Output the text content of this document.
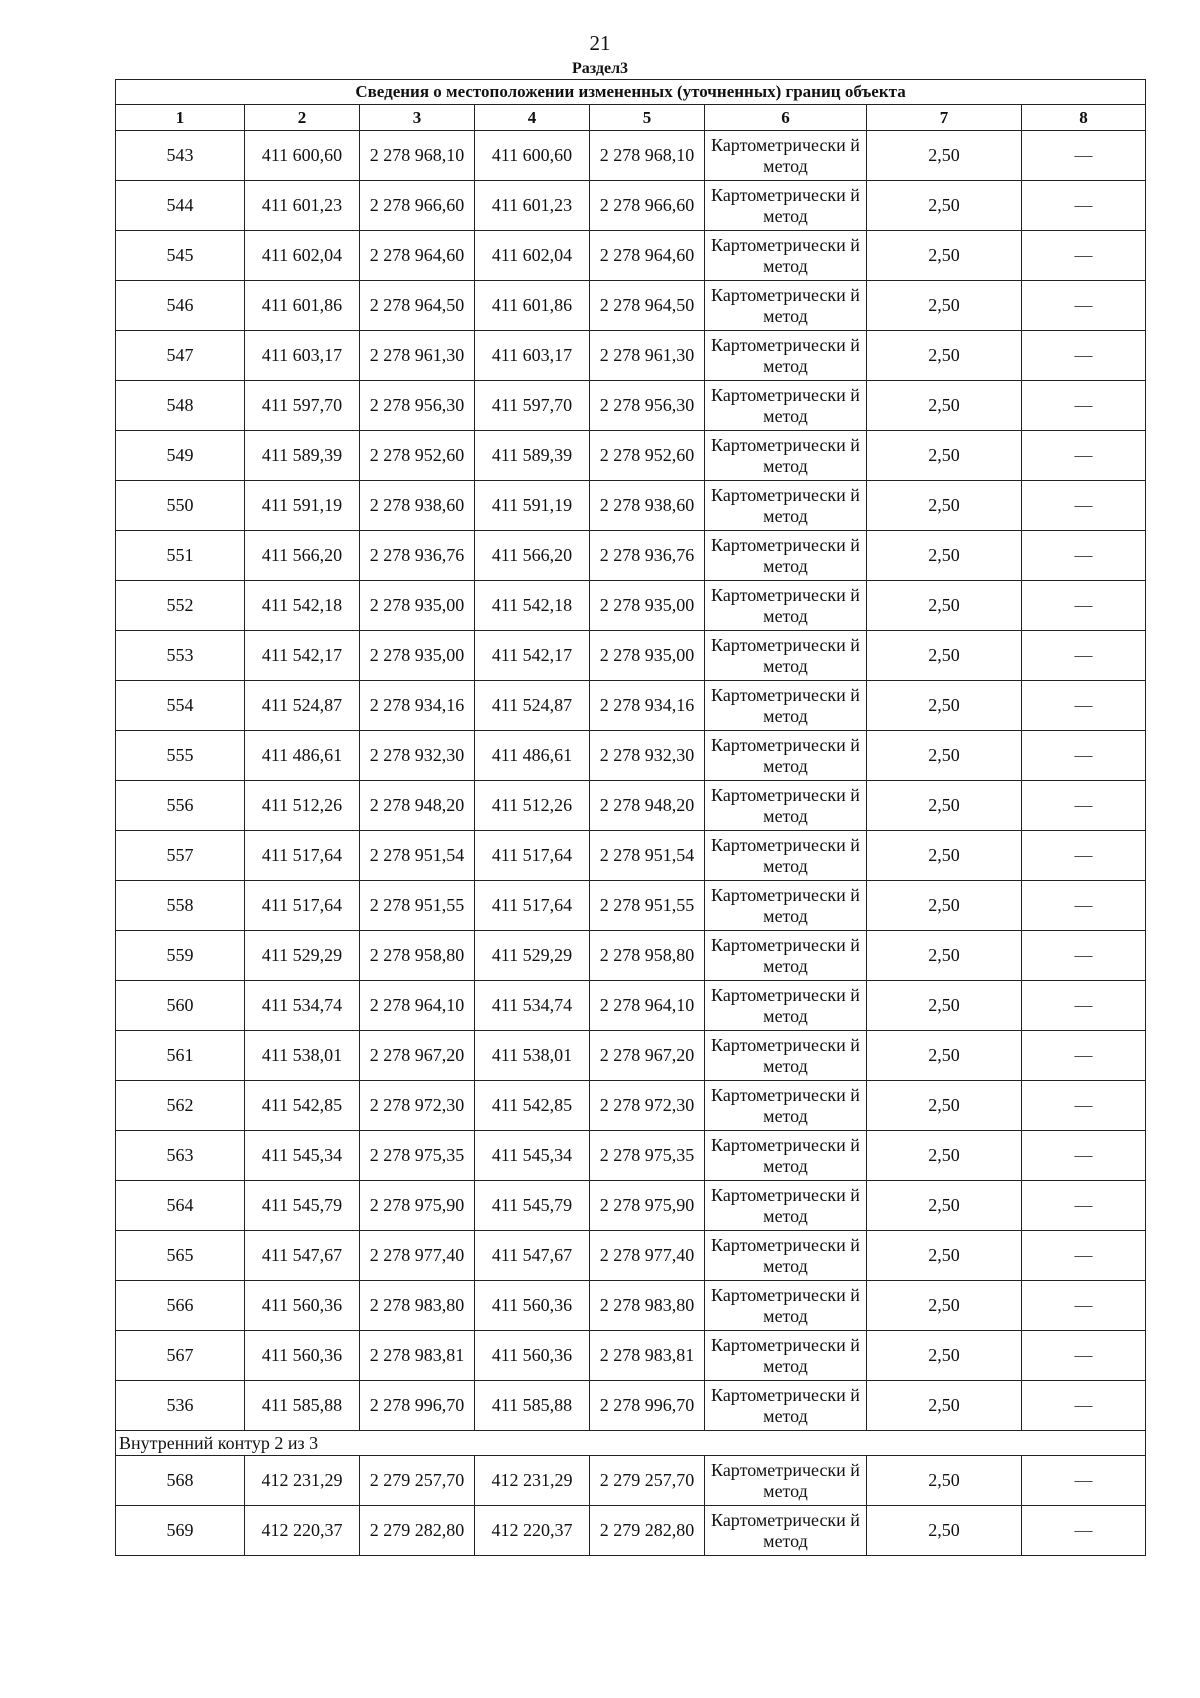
21
Раздел3
Сведения о местоположении измененных (уточненных) границ объекта							
1	2	3	4	5	6	7	8
543	411 600,60	2 278 968,10	411 600,60	2 278 968,10	Картометрически й метод	2,50	—
544	411 601,23	2 278 966,60	411 601,23	2 278 966,60	Картометрически й метод	2,50	—
545	411 602,04	2 278 964,60	411 602,04	2 278 964,60	Картометрически й метод	2,50	—
546	411 601,86	2 278 964,50	411 601,86	2 278 964,50	Картометрически й метод	2,50	—
547	411 603,17	2 278 961,30	411 603,17	2 278 961,30	Картометрически й метод	2,50	—
548	411 597,70	2 278 956,30	411 597,70	2 278 956,30	Картометрически й метод	2,50	—
549	411 589,39	2 278 952,60	411 589,39	2 278 952,60	Картометрически й метод	2,50	—
550	411 591,19	2 278 938,60	411 591,19	2 278 938,60	Картометрически й метод	2,50	—
551	411 566,20	2 278 936,76	411 566,20	2 278 936,76	Картометрически й метод	2,50	—
552	411 542,18	2 278 935,00	411 542,18	2 278 935,00	Картометрически й метод	2,50	—
553	411 542,17	2 278 935,00	411 542,17	2 278 935,00	Картометрически й метод	2,50	—
554	411 524,87	2 278 934,16	411 524,87	2 278 934,16	Картометрически й метод	2,50	—
555	411 486,61	2 278 932,30	411 486,61	2 278 932,30	Картометрически й метод	2,50	—
556	411 512,26	2 278 948,20	411 512,26	2 278 948,20	Картометрически й метод	2,50	—
557	411 517,64	2 278 951,54	411 517,64	2 278 951,54	Картометрически й метод	2,50	—
558	411 517,64	2 278 951,55	411 517,64	2 278 951,55	Картометрически й метод	2,50	—
559	411 529,29	2 278 958,80	411 529,29	2 278 958,80	Картометрически й метод	2,50	—
560	411 534,74	2 278 964,10	411 534,74	2 278 964,10	Картометрически й метод	2,50	—
561	411 538,01	2 278 967,20	411 538,01	2 278 967,20	Картометрически й метод	2,50	—
562	411 542,85	2 278 972,30	411 542,85	2 278 972,30	Картометрически й метод	2,50	—
563	411 545,34	2 278 975,35	411 545,34	2 278 975,35	Картометрически й метод	2,50	—
564	411 545,79	2 278 975,90	411 545,79	2 278 975,90	Картометрически й метод	2,50	—
565	411 547,67	2 278 977,40	411 547,67	2 278 977,40	Картометрически й метод	2,50	—
566	411 560,36	2 278 983,80	411 560,36	2 278 983,80	Картометрически й метод	2,50	—
567	411 560,36	2 278 983,81	411 560,36	2 278 983,81	Картометрически й метод	2,50	—
536	411 585,88	2 278 996,70	411 585,88	2 278 996,70	Картометрически й метод	2,50	—
Внутренний контур 2 из 3							
568	412 231,29	2 279 257,70	412 231,29	2 279 257,70	Картометрически й метод	2,50	—
569	412 220,37	2 279 282,80	412 220,37	2 279 282,80	Картометрически й метод	2,50	—
